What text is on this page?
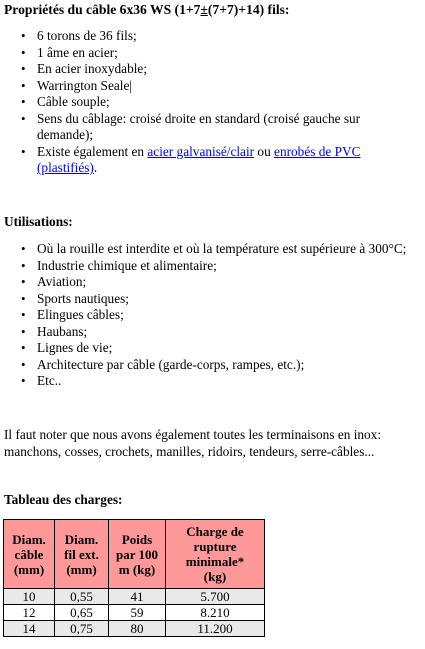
Propriétés du câble 6x36 WS (1+7±(7+7)+14) fils:
• 6 torons de 36 fils;
• 1 âme en acier;
• En acier inoxydable;
• Warrington Seale|
• Câble souple;
• Sens du câblage: croisé droite en standard (croisé gauche sur demande);
• Existe également en acier galvanisé/clair ou enrobés de PVC (plastifiés).
Utilisations:
• Où la rouille est interdite et où la température est supérieure à 300°C;
• Industrie chimique et alimentaire;
• Aviation;
• Sports nautiques;
• Elingues câbles;
• Haubans;
• Lignes de vie;
• Architecture par câble (garde-corps, rampes, etc.);
• Etc..
Il faut noter que nous avons également toutes les terminaisons en inox: manchons, cosses, crochets, manilles, ridoirs, tendeurs, serre-câbles...
Tableau des charges:
Diam.
câble
(mm)	Diam.
fil ext.
(mm)	Poids
par 100
m (kg)	Charge de
rupture
minimale*
(kg)
10	0,55	41	5.700
12	0,65	59	8.210
14	0,75	80	11.200
